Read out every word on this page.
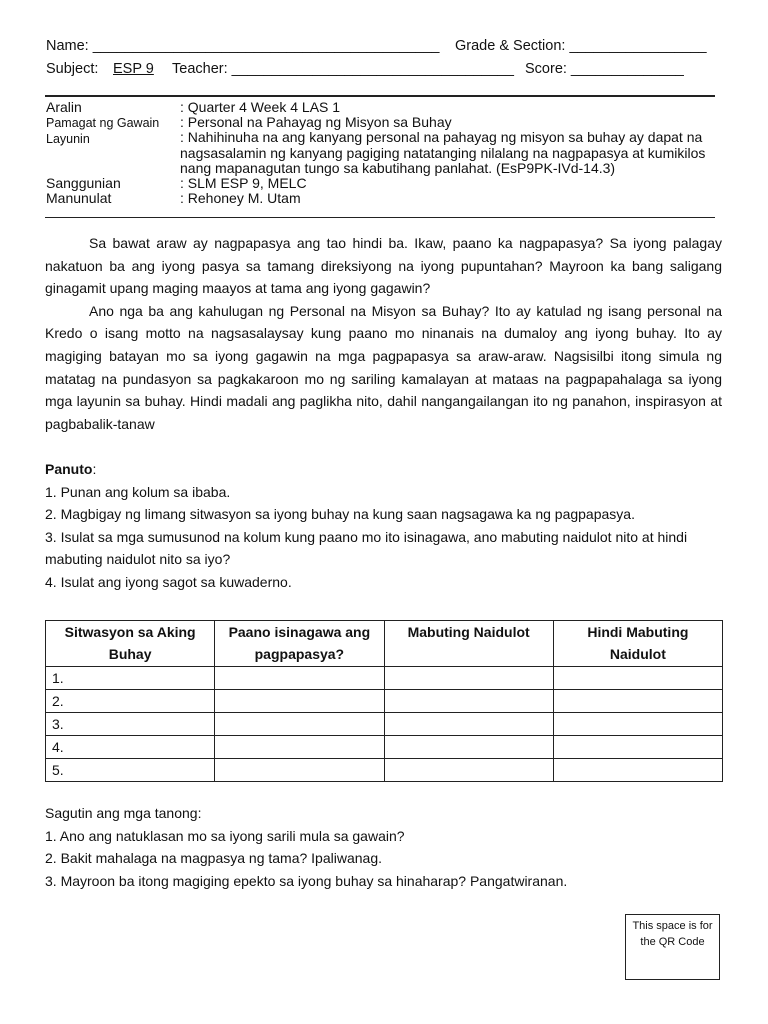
Name: ___________________________________________ Grade & Section: _________________
Subject: ESP 9 Teacher: ___________________________________ Score: ______________
Aralin	: Quarter 4 Week 4 LAS 1
Pamagat ng Gawain : Personal na Pahayag ng Misyon sa Buhay
Layunin	: Nahihinuha na ang kanyang personal na pahayag ng misyon sa buhay ay dapat na nagsasalamin ng kanyang pagiging natatanging nilalang na nagpapasya at kumikilos nang mapanagutan tungo sa kabutihang panlahat. (EsP9PK-IVd-14.3)
Sanggunian	: SLM ESP 9, MELC
Manunulat	: Rehoney M. Utam

Sa bawat araw ay nagpapasya ang tao hindi ba. Ikaw, paano ka nagpapasya? Sa iyong palagay nakatuon ba ang iyong pasya sa tamang direksiyong na iyong pupuntahan? Mayroon ka bang saligang ginagamit upang maging maayos at tama ang iyong gagawin?

Ano nga ba ang kahulugan ng Personal na Misyon sa Buhay? Ito ay katulad ng isang personal na Kredo o isang motto na nagsasalaysay kung paano mo ninanais na dumaloy ang iyong buhay. Ito ay magiging batayan mo sa iyong gagawin na mga pagpapasya sa araw-araw. Nagsisilbi itong simula ng matatag na pundasyon sa pagkakaroon mo ng sariling kamalayan at mataas na pagpapahalaga sa iyong mga layunin sa buhay. Hindi madali ang paglikha nito, dahil nangangailangan ito ng panahon, inspirasyon at pagbabalik-tanaw

Panuto:
1. Punan ang kolum sa ibaba.
2. Magbigay ng limang sitwasyon sa iyong buhay na kung saan nagsagawa ka ng pagpapasya.
3. Isulat sa mga sumusunod na kolum kung paano mo ito isinagawa, ano mabuting naidulot nito at hindi mabuting naidulot nito sa iyo?
4. Isulat ang iyong sagot sa kuwaderno.
Sitwasyon sa Aking Buhay	Paano isinagawa ang pagpapasya?	Mabuting Naidulot	Hindi Mabuting Naidulot
1.			
2.			
3.			
4.			
5.			
Sagutin ang mga tanong:
1. Ano ang natuklasan mo sa iyong sarili mula sa gawain?
2. Bakit mahalaga na magpasya ng tama? Ipaliwanag.
3. Mayroon ba itong magiging epekto sa iyong buhay sa hinaharap? Pangatwiranan.
This space is for the QR Code
